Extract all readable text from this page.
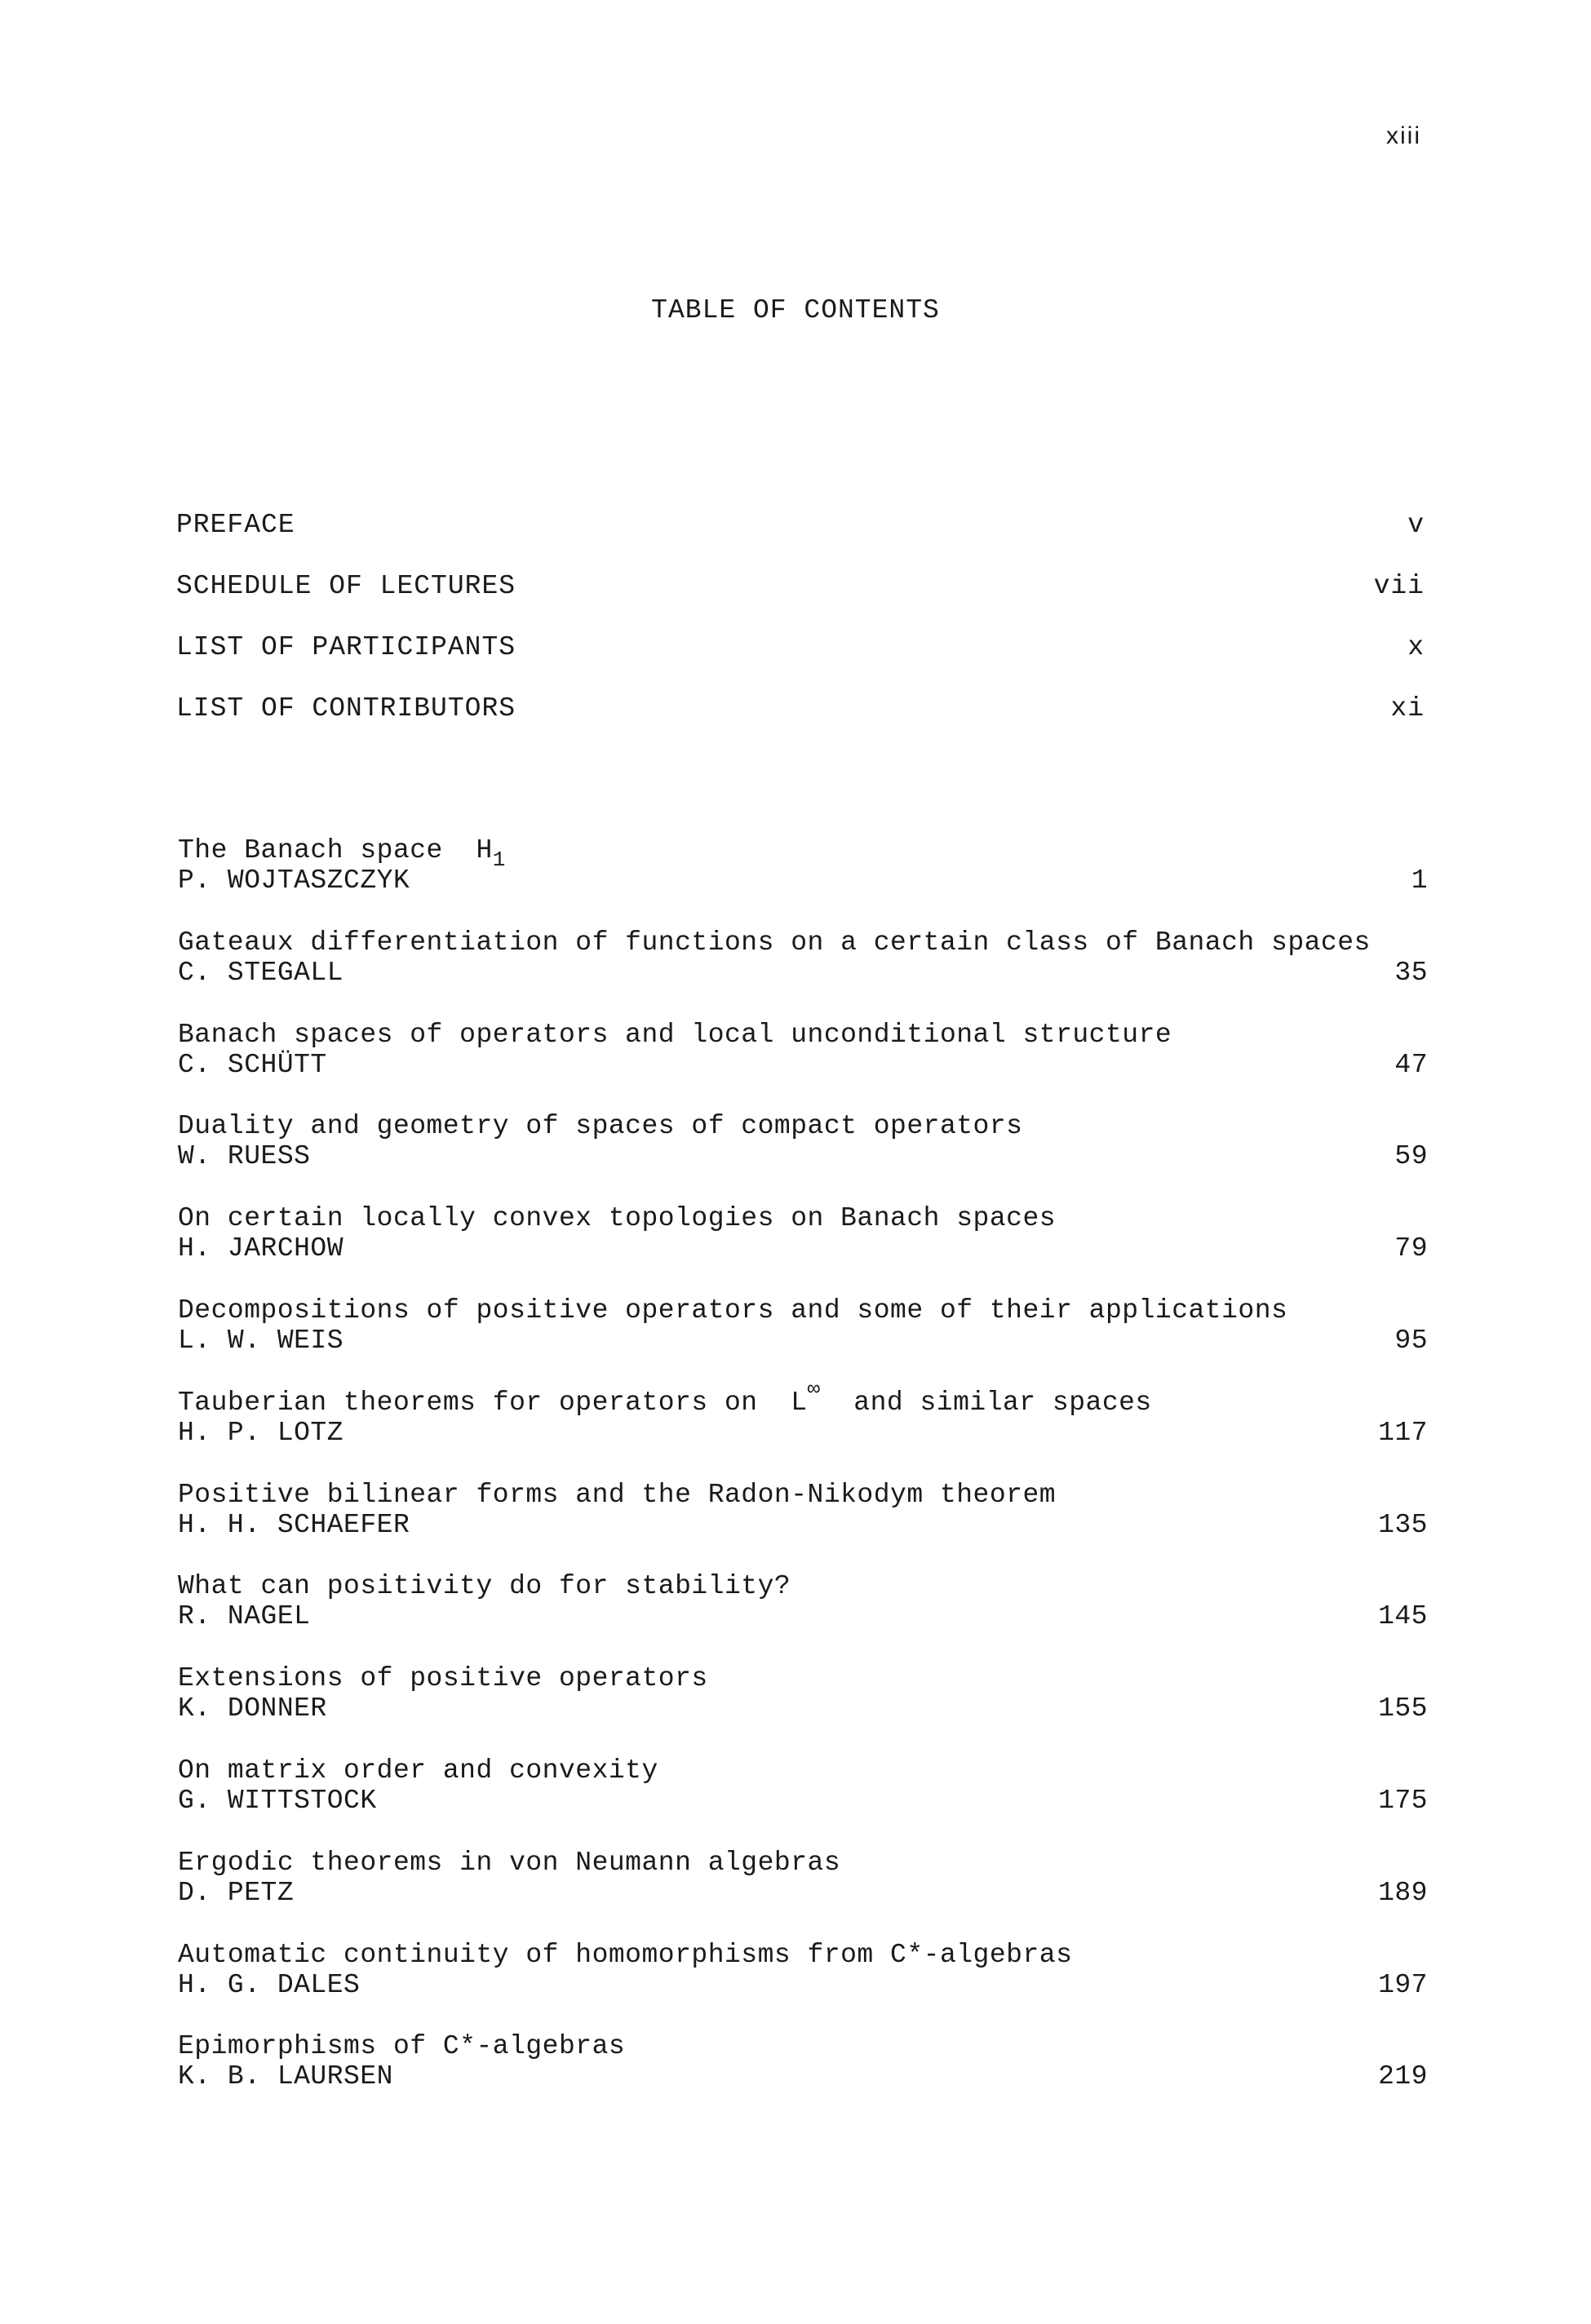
xiii
TABLE OF CONTENTS
PREFACE	v
SCHEDULE OF LECTURES	vii
LIST OF PARTICIPANTS	x
LIST OF CONTRIBUTORS	xi
The Banach space $H_1$
P. WOJTASZCZYK	1
Gateaux differentiation of functions on a certain class of Banach spaces
C. STEGALL	35
Banach spaces of operators and local unconditional structure
C. SCHÜTT	47
Duality and geometry of spaces of compact operators
W. RUESS	59
On certain locally convex topologies on Banach spaces
H. JARCHOW	79
Decompositions of positive operators and some of their applications
L. W. WEIS	95
Tauberian theorems for operators on L∞ and similar spaces
H. P. LOTZ	117
Positive bilinear forms and the Radon-Nikodym theorem
H. H. SCHAEFER	135
What can positivity do for stability?
R. NAGEL	145
Extensions of positive operators
K. DONNER	155
On matrix order and convexity
G. WITTSTOCK	175
Ergodic theorems in von Neumann algebras
D. PETZ	189
Automatic continuity of homomorphisms from C*-algebras
H. G. DALES	197
Epimorphisms of C*-algebras
K. B. LAURSEN	219
